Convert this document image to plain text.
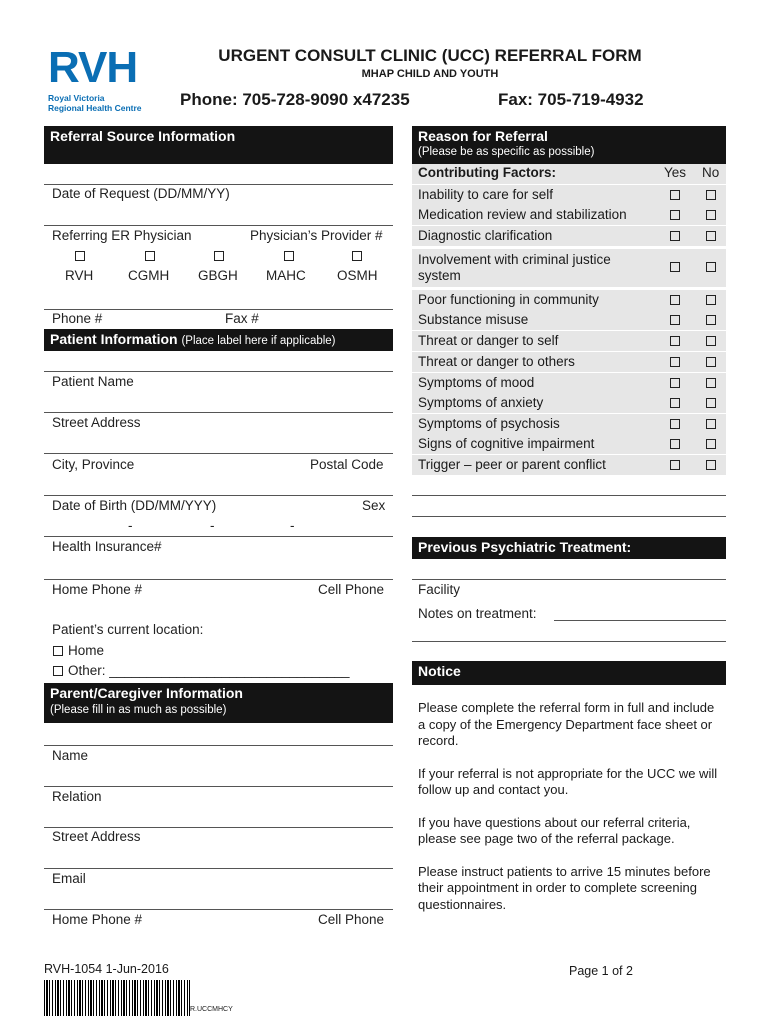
RVH
Royal Victoria
Regional Health Centre
URGENT CONSULT CLINIC (UCC) REFERRAL FORM
MHAP CHILD AND YOUTH
Phone: 705-728-9090 x47235	Fax: 705-719-4932
Referral Source Information
Date of Request (DD/MM/YY)
Referring ER Physician	Physician’s Provider #
RVH	CGMH GBGH MAHC OSMH
Phone #	Fax #
Patient Information (Place label here if applicable)
Patient Name
Street Address
City, Province	Postal Code
Date of Birth (DD/MM/YYY)	Sex
-	-	-
Health Insurance#
Home Phone #	Cell Phone
Patient’s current location:
Home
Other: ________________________________
Parent/Caregiver Information
(Please fill in as much as possible)
Name
Relation
Street Address
Email
Home Phone #	Cell Phone
Reason for Referral
(Please be as specific as possible)
Contributing Factors:	Yes No
Inability to care for self
Medication review and stabilization
Diagnostic clarification
Involvement with criminal justice system
Poor functioning in community
Substance misuse
Threat or danger to self
Threat or danger to others
Symptoms of mood
Symptoms of anxiety
Symptoms of psychosis
Signs of cognitive impairment
Trigger – peer or parent conflict
Previous Psychiatric Treatment:
Facility
Notes on treatment:
Notice

Please complete the referral form in full and include a copy of the Emergency Department face sheet or record.

If your referral is not appropriate for the UCC we will follow up and contact you.

If you have questions about our referral criteria, please see page two of the referral package.

Please instruct patients to arrive 15 minutes before their appointment in order to complete screening questionnaires.

RVH-1054 1-Jun-2016	Page 1 of 2
R.UCCMHCY
